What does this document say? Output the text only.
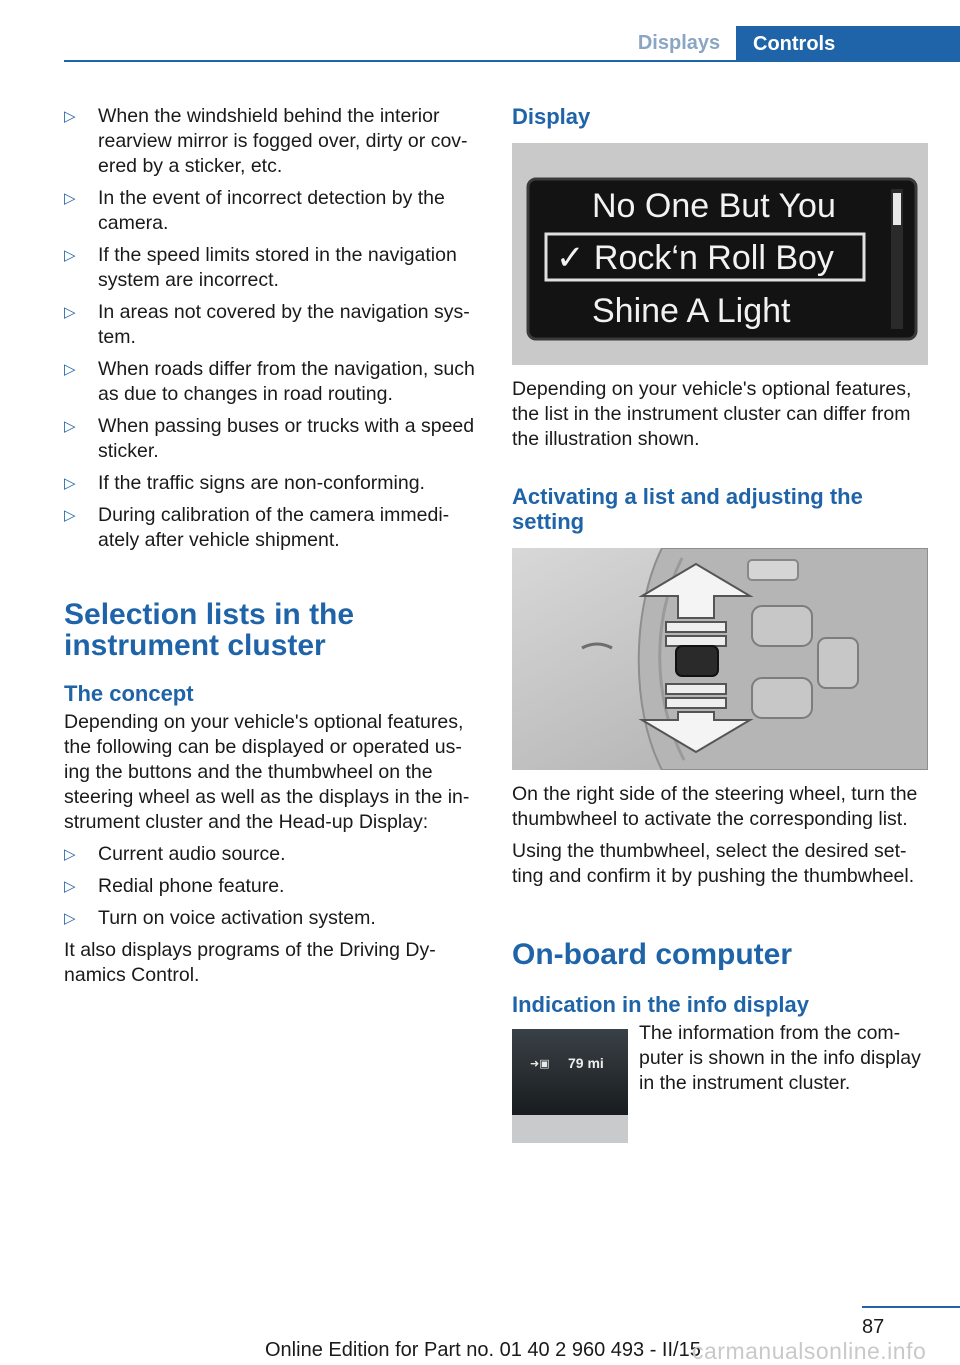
Displays	Controls
▷ When the windshield behind the interior rearview mirror is fogged over, dirty or cov-ered by a sticker, etc.
▷ In the event of incorrect detection by the camera.
▷ If the speed limits stored in the navigation system are incorrect.
▷ In areas not covered by the navigation sys-tem.
▷ When roads differ from the navigation, such as due to changes in road routing.
▷ When passing buses or trucks with a speed sticker.
▷ If the traffic signs are non-conforming.
▷ During calibration of the camera immedi-ately after vehicle shipment.
Selection lists in the instrument cluster
The concept

Depending on your vehicle's optional features, the following can be displayed or operated us-ing the buttons and the thumbwheel on the steering wheel as well as the displays in the in-strument cluster and the Head-up Display:

▷ Current audio source.
▷ Redial phone feature.
▷ Turn on voice activation system.

It also displays programs of the Driving Dy-namics Control.

Display
No One But You
✓ Rock‘n Roll Boy
Shine A Light

Depending on your vehicle's optional features, the list in the instrument cluster can differ from the illustration shown.

Activating a list and adjusting the setting

On the right side of the steering wheel, turn the thumbwheel to activate the corresponding list.

Using the thumbwheel, select the desired set-ting and confirm it by pushing the thumbwheel.

On-board computer
Indication in the info display
➜▣ 79 mi

The information from the com-puter is shown in the info display in the instrument cluster.

87
Online Edition for Part no. 01 40 2 960 493 - II/15
carmanualsonline.info
